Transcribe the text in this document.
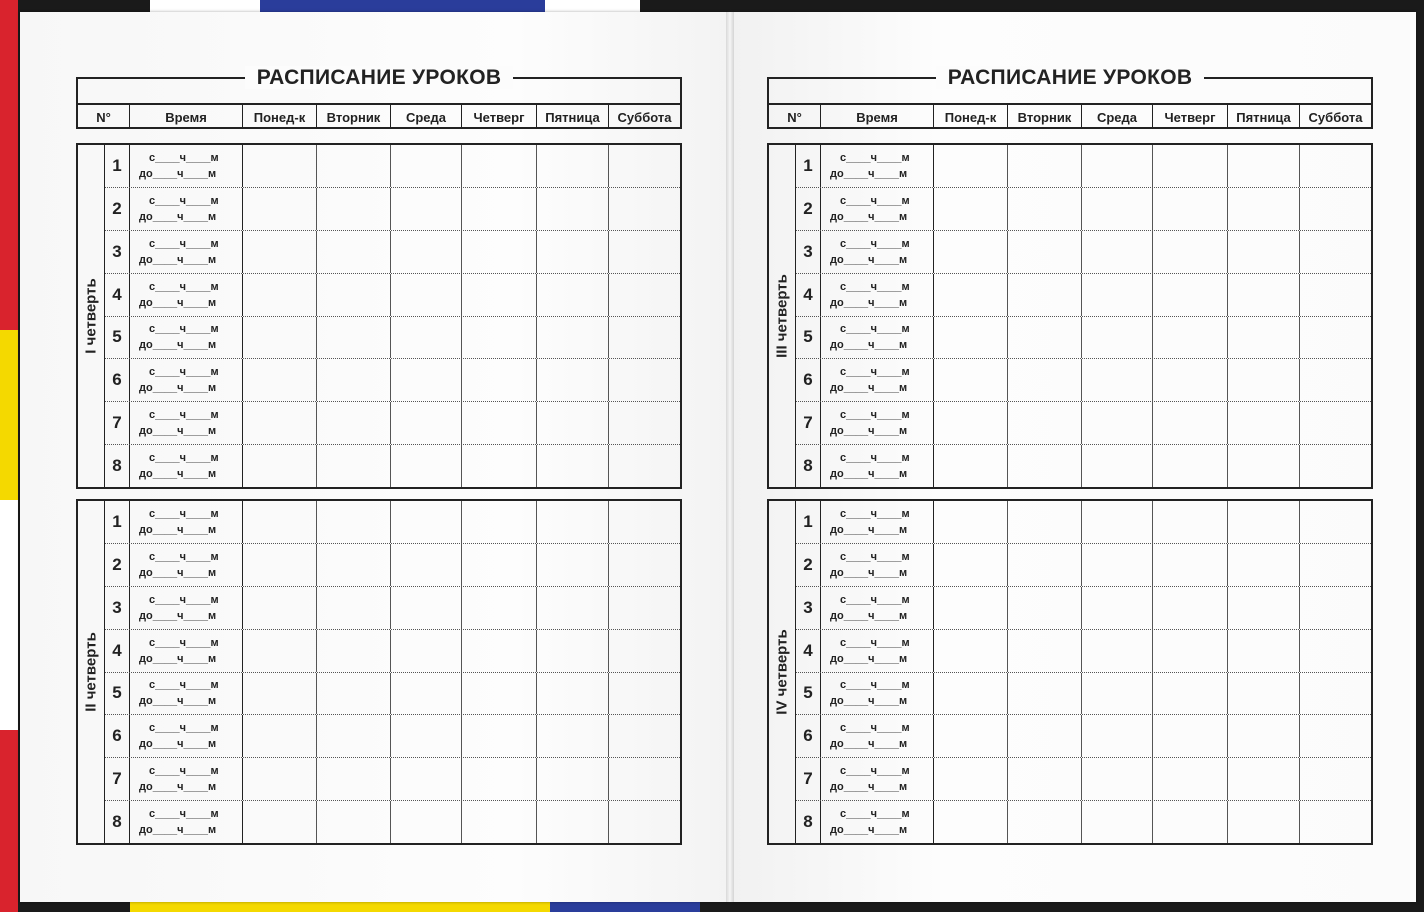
РАСПИСАНИЕ УРОКОВ
N°	Время	Понед-к	Вторник	Среда	Четверг	Пятница	Суббота
I четверть
1	с____ч____м
до____ч____м
2	с____ч____м
до____ч____м
3	с____ч____м
до____ч____м
4	с____ч____м
до____ч____м
5	с____ч____м
до____ч____м
6	с____ч____м
до____ч____м
7	с____ч____м
до____ч____м
8	с____ч____м
до____ч____м
II четверть
1	с____ч____м
до____ч____м
2	с____ч____м
до____ч____м
3	с____ч____м
до____ч____м
4	с____ч____м
до____ч____м
5	с____ч____м
до____ч____м
6	с____ч____м
до____ч____м
7	с____ч____м
до____ч____м
8	с____ч____м
до____ч____м
РАСПИСАНИЕ УРОКОВ
N°	Время	Понед-к	Вторник	Среда	Четверг	Пятница	Суббота
III четверть
1	с____ч____м
до____ч____м
2	с____ч____м
до____ч____м
3	с____ч____м
до____ч____м
4	с____ч____м
до____ч____м
5	с____ч____м
до____ч____м
6	с____ч____м
до____ч____м
7	с____ч____м
до____ч____м
8	с____ч____м
до____ч____м
IV четверть
1	с____ч____м
до____ч____м
2	с____ч____м
до____ч____м
3	с____ч____м
до____ч____м
4	с____ч____м
до____ч____м
5	с____ч____м
до____ч____м
6	с____ч____м
до____ч____м
7	с____ч____м
до____ч____м
8	с____ч____м
до____ч____м
